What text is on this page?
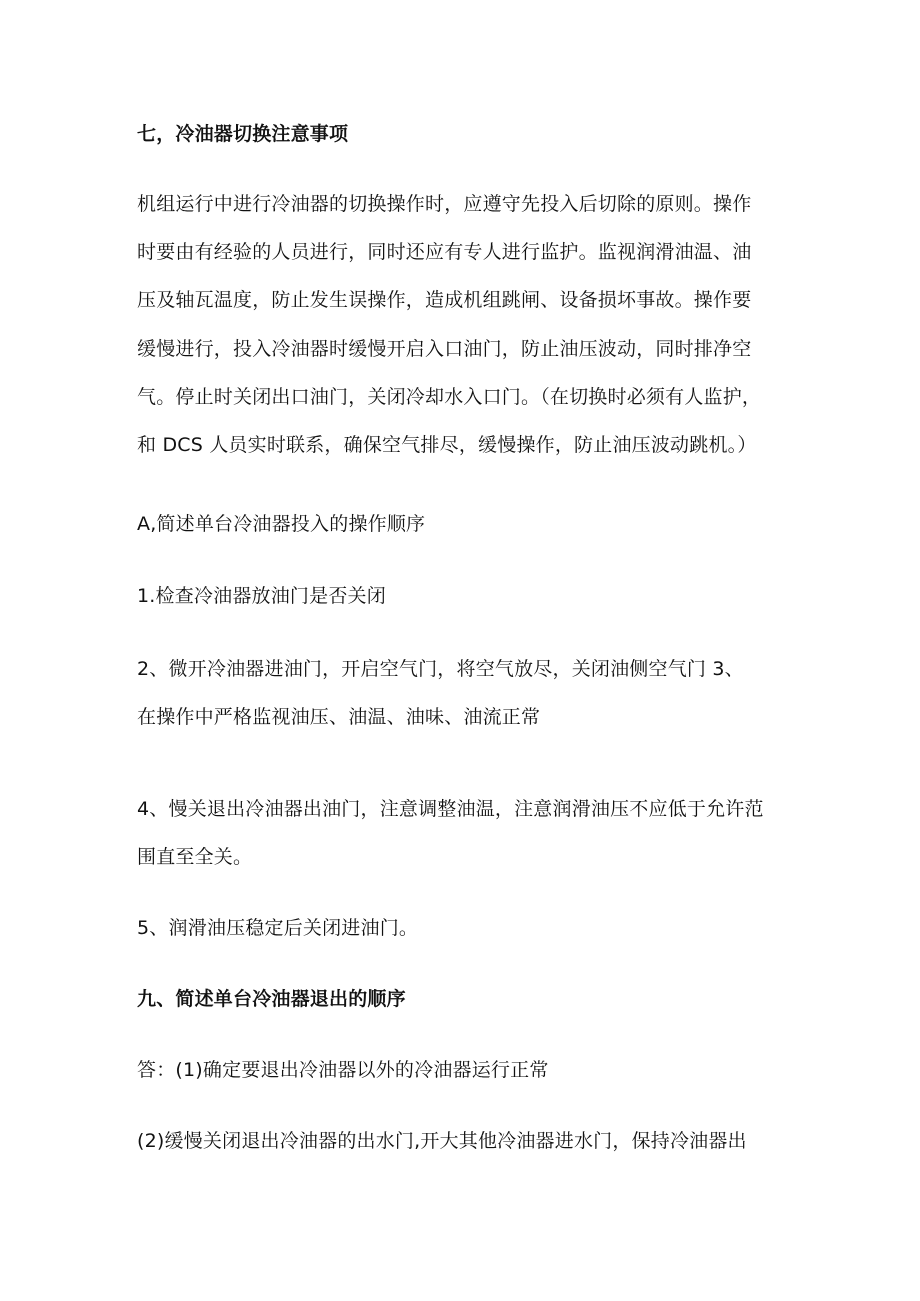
七，冷油器切换注意事项

机组运行中进行冷油器的切换操作时，应遵守先投入后切除的原则。操作

时要由有经验的人员进行，同时还应有专人进行监护。监视润滑油温、油

压及轴瓦温度，防止发生误操作，造成机组跳闸、设备损坏事故。操作要

缓慢进行，投入冷油器时缓慢开启入口油门，防止油压波动，同时排净空

气。停止时关闭出口油门，关闭冷却水入口门。（在切换时必须有人监护，

和 DCS 人员实时联系，确保空气排尽，缓慢操作，防止油压波动跳机。）

A,简述单台冷油器投入的操作顺序

1.检查冷油器放油门是否关闭

2、微开冷油器进油门，开启空气门，将空气放尽，关闭油侧空气门 3、

在操作中严格监视油压、油温、油味、油流正常

4、慢关退出冷油器出油门，注意调整油温，注意润滑油压不应低于允许范

围直至全关。

5、润滑油压稳定后关闭进油门。

九、简述单台冷油器退出的顺序

答：(1)确定要退出冷油器以外的冷油器运行正常

(2)缓慢关闭退出冷油器的出水门,开大其他冷油器进水门，保持冷油器出
